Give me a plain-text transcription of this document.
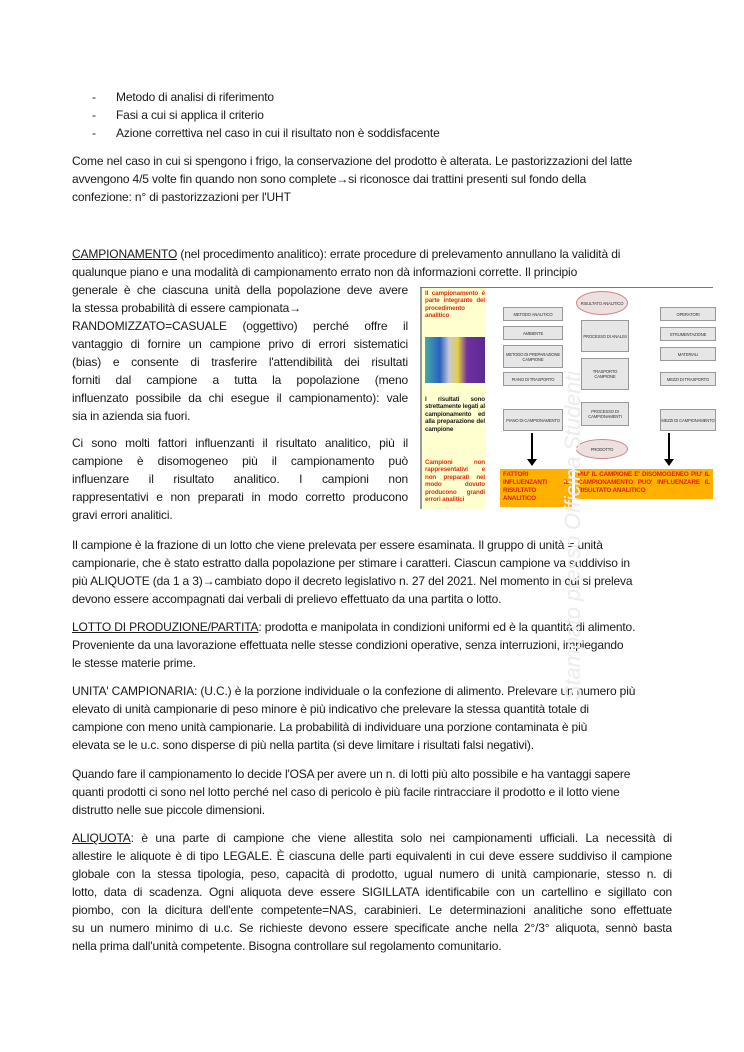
- Metodo di analisi di riferimento
- Fasi a cui si applica il criterio
- Azione correttiva nel caso in cui il risultato non è soddisfacente
Come nel caso in cui si spengono i frigo, la conservazione del prodotto è alterata. Le pastorizzazioni del latte
avvengono 4/5 volte fin quando non sono complete→si riconosce dai trattini presenti sul fondo della
confezione: n° di pastorizzazioni per l'UHT
CAMPIONAMENTO (nel procedimento analitico): errate procedure di prelevamento annullano la validità di
qualunque piano e una modalità di campionamento errato non dà informazioni corrette. Il principio
generale è che ciascuna unità della popolazione deve avere
la stessa probabilità di essere campionata→
RANDOMIZZATO=CASUALE (oggettivo) perché offre il
vantaggio di fornire un campione privo di errori sistematici
(bias) e consente di trasferire l'attendibilità dei risultati
forniti dal campione a tutta la popolazione (meno
influenzato possibile da chi esegue il campionamento): vale
sia in azienda sia fuori.
Ci sono molti fattori influenzanti il risultato analitico, più il
campione è disomogeneo più il campionamento può
influenzare il risultato analitico. I campioni non
rappresentativi e non preparati in modo corretto producono
gravi errori analitici.
Il campione è la frazione di un lotto che viene prelevata per essere esaminata. Il gruppo di unità = unità
campionarie, che è stato estratto dalla popolazione per stimare i caratteri. Ciascun campione va suddiviso in
più ALIQUOTE (da 1 a 3)→cambiato dopo il decreto legislativo n. 27 del 2021. Nel momento in cui si preleva
devono essere accompagnati dai verbali di prelievo effettuato da una partita o lotto.
LOTTO DI PRODUZIONE/PARTITA: prodotta e manipolata in condizioni uniformi ed è la quantità di alimento.
Proveniente da una lavorazione effettuata nelle stesse condizioni operative, senza interruzioni, impiegando
le stesse materie prime.
UNITA' CAMPIONARIA: (U.C.) è la porzione individuale o la confezione di alimento. Prelevare un numero più
elevato di unità campionarie di peso minore è più indicativo che prelevare la stessa quantità totale di
campione con meno unità campionarie. La probabilità di individuare una porzione contaminata è più
elevata se le u.c. sono disperse di più nella partita (si deve limitare i risultati falsi negativi).
Quando fare il campionamento lo decide l'OSA per avere un n. di lotti più alto possibile e ha vantaggi sapere
quanti prodotti ci sono nel lotto perché nel caso di pericolo è più facile rintracciare il prodotto e il lotto viene
distrutto nelle sue piccole dimensioni.
ALIQUOTA: è una parte di campione che viene allestita solo nei campionamenti ufficiali. La necessità di
allestire le aliquote è di tipo LEGALE. È ciascuna delle parti equivalenti in cui deve essere suddiviso il campione
globale con la stessa tipologia, peso, capacità di prodotto, ugual numero di unità campionarie, stesso n. di
lotto, data di scadenza. Ogni aliquota deve essere SIGILLATA identificabile con un cartellino e sigillato con
piombo, con la dicitura dell'ente competente=NAS, carabinieri. Le determinazioni analitiche sono effettuate
su un numero minimo di u.c. Se richieste devono essere specificate anche nella 2°/3° aliquota, sennò basta
nella prima dall'unità competente. Bisogna controllare sul regolamento comunitario.
Il campionamento è parte integrante del procedimento analitico
I risultati sono strettamente legati al campionamento ed alla preparazione del campione
Campioni non rappresentativi e non preparati nel modo dovuto producono grandi errori analitici
RISULTATO ANALITICO
PRODOTTO
FATTORI INFLUENZANTI IL RISULTATO ANALITICO
PIU' IL CAMPIONE E' DISOMOGENEO PIU' IL CAMPIONAMENTO PUO' INFLUENZARE IL RISULTATO ANALITICO
METODO ANALITICO
AMBIENTE
METODO DI PREPARAZIONE CAMPIONE
PIANO DI TRASPORTO
PIANO DI CAMPIONAMENTO
PROCESSO DI ANALISI
TRASPORTO CAMPIONE
PROCESSO DI CAMPIONAMENTI
OPERATORI
STRUMENTAZIONE
MATERIALI
MEZZI DI TRASPORTO
MEZZI DI CAMPIONAMENTO
Stampato presso Officina Studenti
